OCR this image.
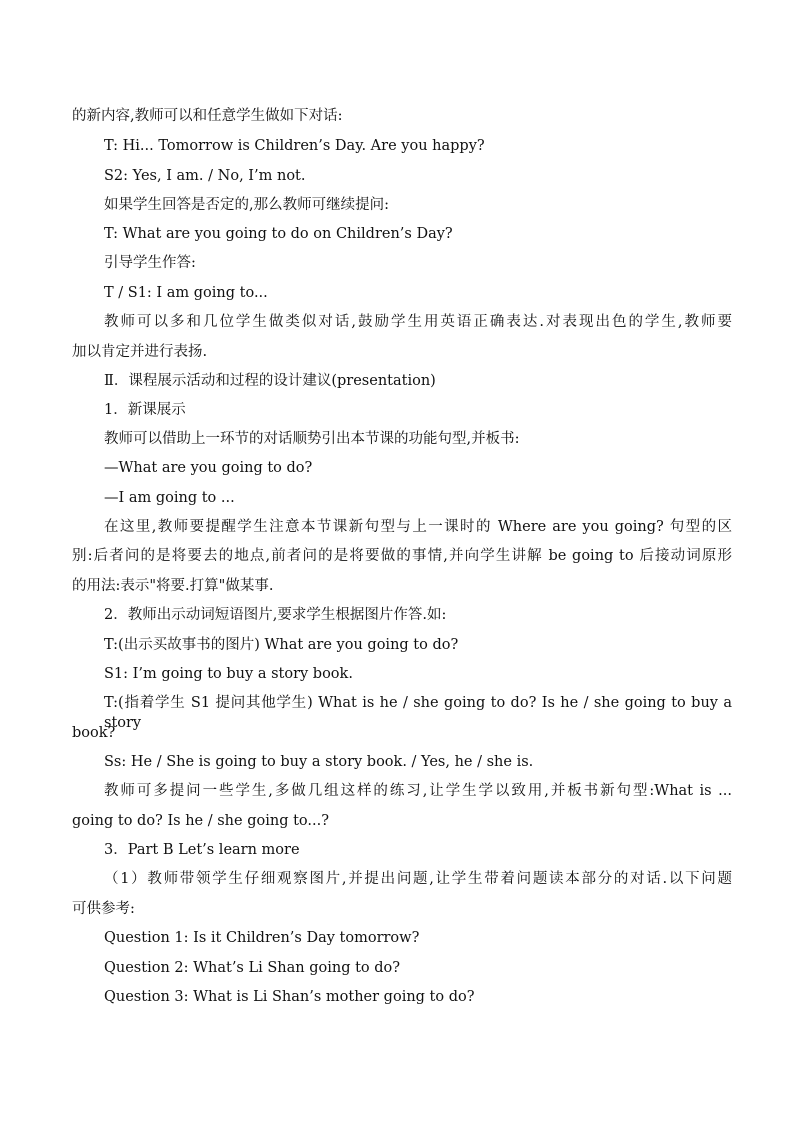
的新内容,教师可以和任意学生做如下对话:
T: Hi... Tomorrow is Children’s Day. Are you happy?
S2: Yes, I am. / No, I’m not.
如果学生回答是否定的,那么教师可继续提问:
T: What are you going to do on Children’s Day?
引导学生作答:
T / S1: I am going to...
教师可以多和几位学生做类似对话,鼓励学生用英语正确表达.对表现出色的学生,教师要
加以肯定并进行表扬.
Ⅱ．课程展示活动和过程的设计建议(presentation)
1．新课展示
教师可以借助上一环节的对话顺势引出本节课的功能句型,并板书:
—What are you going to do?
—I am going to ...
在这里,教师要提醒学生注意本节课新句型与上一课时的 Where are you going? 句型的区
别:后者问的是将要去的地点,前者问的是将要做的事情,并向学生讲解 be going to 后接动词原形
的用法:表示"将要.打算"做某事.
2．教师出示动词短语图片,要求学生根据图片作答.如:
T:(出示买故事书的图片) What are you going to do?
S1: I’m going to buy a story book.
T:(指着学生 S1 提问其他学生) What is he / she going to do? Is he / she going to buy a story
book?
Ss: He / She is going to buy a story book. / Yes, he / she is.
教师可多提问一些学生,多做几组这样的练习,让学生学以致用,并板书新句型:What is ...
going to do? Is he / she going to...?
3．Part B Let’s learn more
（1）教师带领学生仔细观察图片,并提出问题,让学生带着问题读本部分的对话.以下问题
可供参考:
Question 1: Is it Children’s Day tomorrow?
Question 2: What’s Li Shan going to do?
Question 3: What is Li Shan’s mother going to do?
